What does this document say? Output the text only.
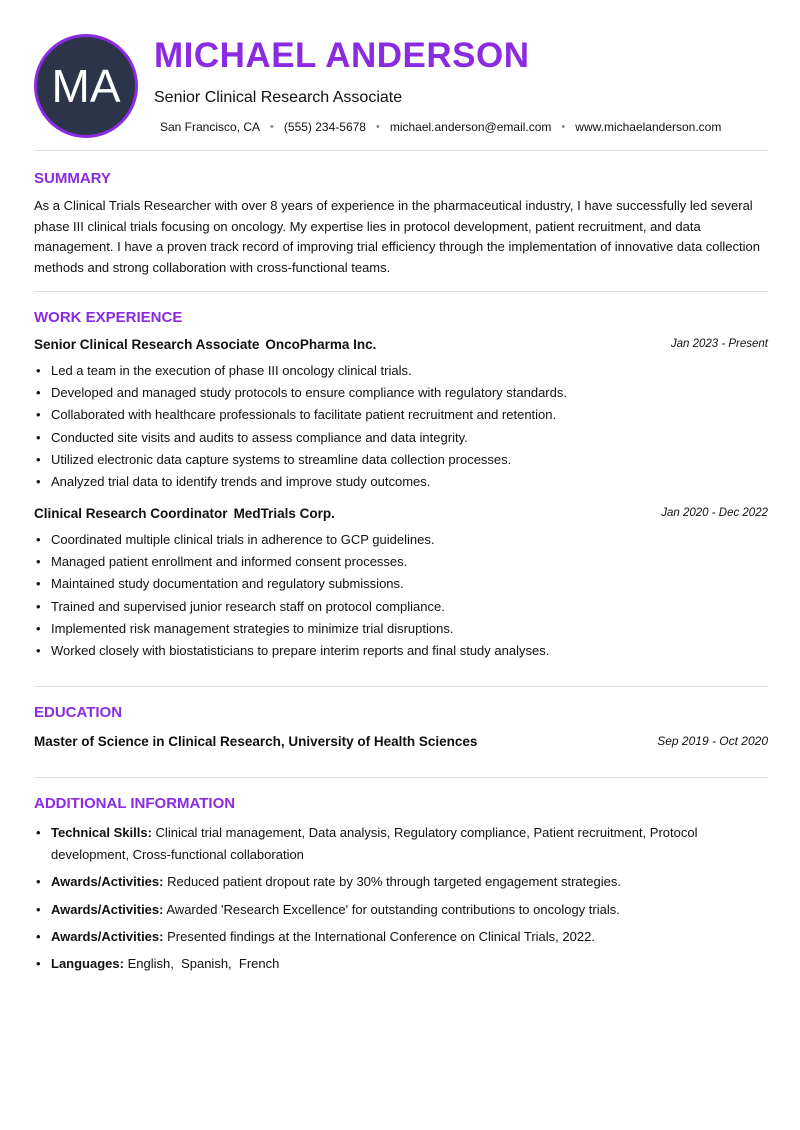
MA
MICHAEL ANDERSON
Senior Clinical Research Associate
San Francisco, CA • (555) 234-5678 • michael.anderson@email.com • www.michaelanderson.com
SUMMARY

As a Clinical Trials Researcher with over 8 years of experience in the pharmaceutical industry, I have successfully led several phase III clinical trials focusing on oncology. My expertise lies in protocol development, patient recruitment, and data management. I have a proven track record of improving trial efficiency through the implementation of innovative data collection methods and strong collaboration with cross-functional teams.

WORK EXPERIENCE
Senior Clinical Research Associate OncoPharma Inc.	Jan 2023 - Present
• Led a team in the execution of phase III oncology clinical trials.
• Developed and managed study protocols to ensure compliance with regulatory standards.
• Collaborated with healthcare professionals to facilitate patient recruitment and retention.
• Conducted site visits and audits to assess compliance and data integrity.
• Utilized electronic data capture systems to streamline data collection processes.
• Analyzed trial data to identify trends and improve study outcomes.
Clinical Research Coordinator MedTrials Corp.	Jan 2020 - Dec 2022
• Coordinated multiple clinical trials in adherence to GCP guidelines.
• Managed patient enrollment and informed consent processes.
• Maintained study documentation and regulatory submissions.
• Trained and supervised junior research staff on protocol compliance.
• Implemented risk management strategies to minimize trial disruptions.
• Worked closely with biostatisticians to prepare interim reports and final study analyses.
EDUCATION
Master of Science in Clinical Research, University of Health Sciences	Sep 2019 - Oct 2020
ADDITIONAL INFORMATION
• Technical Skills: Clinical trial management, Data analysis, Regulatory compliance, Patient recruitment, Protocol development, Cross-functional collaboration
• Awards/Activities: Reduced patient dropout rate by 30% through targeted engagement strategies.
• Awards/Activities: Awarded 'Research Excellence' for outstanding contributions to oncology trials.
• Awards/Activities: Presented findings at the International Conference on Clinical Trials, 2022.
• Languages: English,  Spanish,  French
